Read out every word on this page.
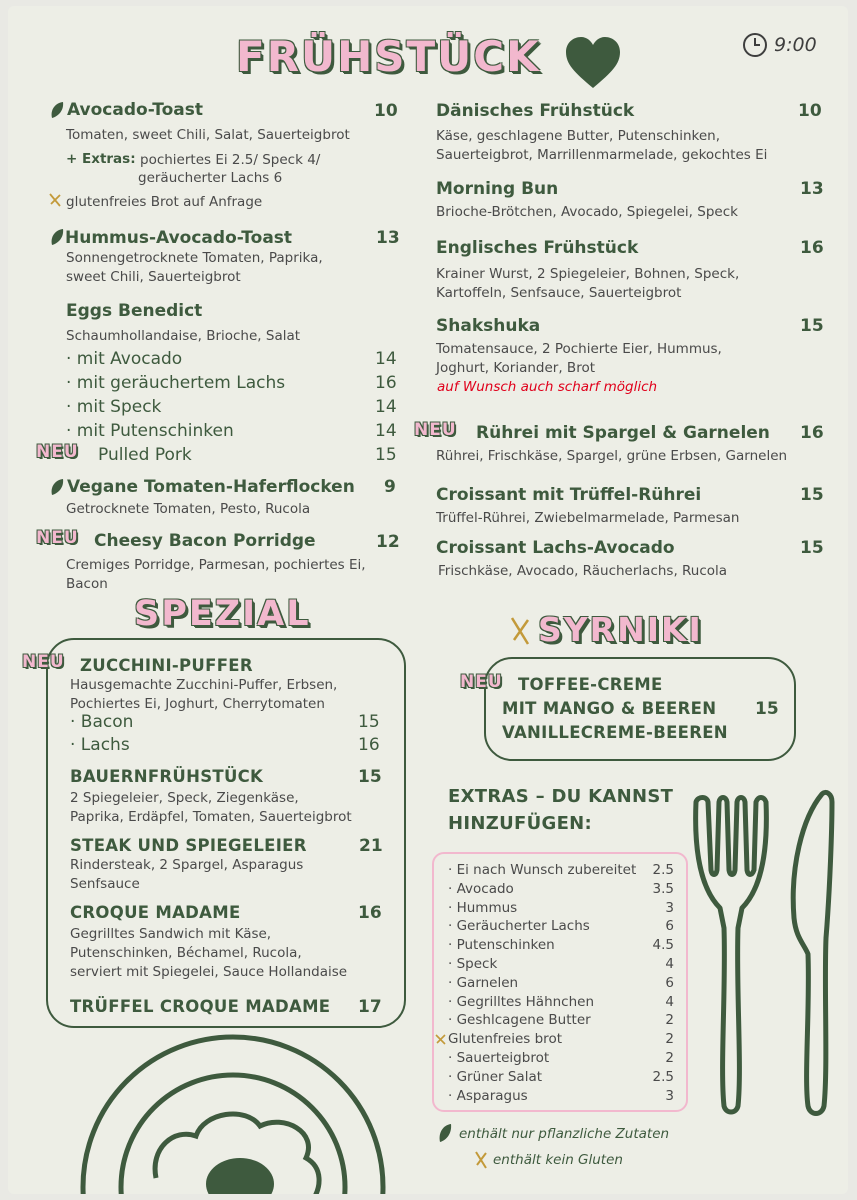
FRÜHSTÜCK	9:00
Avocado-Toast	10
Tomaten, sweet Chili, Salat, Sauerteigbrot
+ Extras: pochiertes Ei 2.5/ Speck 4/
geräucherter Lachs 6
glutenfreies Brot auf Anfrage
Hummus-Avocado-Toast	13
Sonnengetrocknete Tomaten, Paprika,
sweet Chili, Sauerteigbrot
Eggs Benedict
Schaumhollandaise, Brioche, Salat
· mit Avocado	14
· mit geräuchertem Lachs	16
· mit Speck	14
· mit Putenschinken	14
NEU Pulled Pork	15
Vegane Tomaten-Haferflocken 9
Getrocknete Tomaten, Pesto, Rucola
NEU Cheesy Bacon Porridge	12
Cremiges Porridge, Parmesan, pochiertes Ei,
Bacon
Dänisches Frühstück	10
Käse, geschlagene Butter, Putenschinken,
Sauerteigbrot, Marrillenmarmelade, gekochtes Ei
Morning Bun	13
Brioche-Brötchen, Avocado, Spiegelei, Speck
Englisches Frühstück	16
Krainer Wurst, 2 Spiegeleier, Bohnen, Speck,
Kartoffeln, Senfsauce, Sauerteigbrot
Shakshuka	15
Tomatensauce, 2 Pochierte Eier, Hummus,
Joghurt, Koriander, Brot
auf Wunsch auch scharf möglich
NEU Rührei mit Spargel & Garnelen 16
Rührei, Frischkäse, Spargel, grüne Erbsen, Garnelen
Croissant mit Trüffel-Rührei	15
Trüffel-Rührei, Zwiebelmarmelade, Parmesan
Croissant Lachs-Avocado	15
Frischkäse, Avocado, Räucherlachs, Rucola
SPEZIAL
NEU ZUCCHINI-PUFFER
Hausgemachte Zucchini-Puffer, Erbsen,
Pochiertes Ei, Joghurt, Cherrytomaten
· Bacon	15
· Lachs	16
BAUERNFRÜHSTÜCK	15
2 Spiegeleier, Speck, Ziegenkäse,
Paprika, Erdäpfel, Tomaten, Sauerteigbrot
STEAK UND SPIEGELEIER	21
Rindersteak, 2 Spargel, Asparagus
Senfsauce
CROQUE MADAME	16
Gegrilltes Sandwich mit Käse,
Putenschinken, Béchamel, Rucola,
serviert mit Spiegelei, Sauce Hollandaise
TRÜFFEL CROQUE MADAME 17
SYRNIKI
NEU TOFFEE-CREME
MIT MANGO & BEEREN 15
VANILLECREME-BEEREN
EXTRAS – DU KANNST
HINZUFÜGEN:
· Ei nach Wunsch zubereitet 2.5
· Avocado	3.5
· Hummus	3
· Geräucherter Lachs	6
· Putenschinken	4.5
· Speck	4
· Garnelen	6
· Gegrilltes Hähnchen	4
· Geshlcagene Butter	2
Glutenfreies brot	2
· Sauerteigbrot	2
· Grüner Salat	2.5
· Asparagus	3
enthält nur pflanzliche Zutaten
enthält kein Gluten
